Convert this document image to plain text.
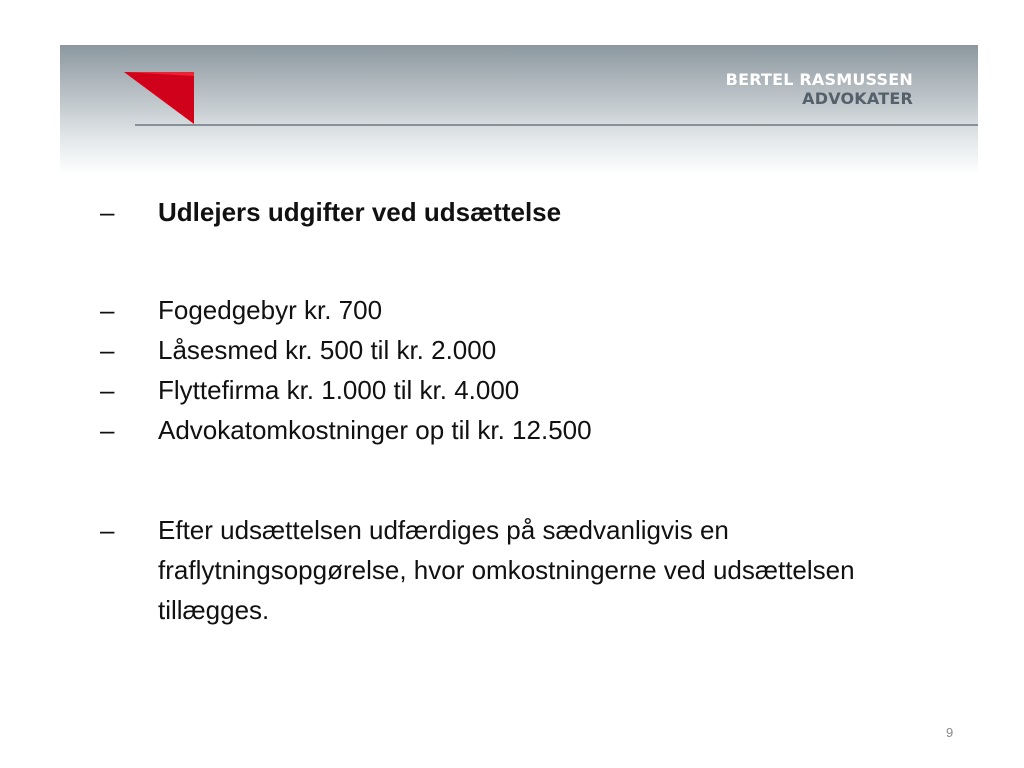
BERTEL RASMUSSEN
ADVOKATER
–	Udlejers udgifter ved udsættelse
–	Fogedgebyr kr. 700
–	Låsesmed kr. 500 til kr. 2.000
–	Flyttefirma kr. 1.000 til kr. 4.000
–	Advokatomkostninger op til kr. 12.500
–	Efter udsættelsen udfærdiges på sædvanligvis en fraflytningsopgørelse, hvor omkostningerne ved udsættelsen tillægges.
9
